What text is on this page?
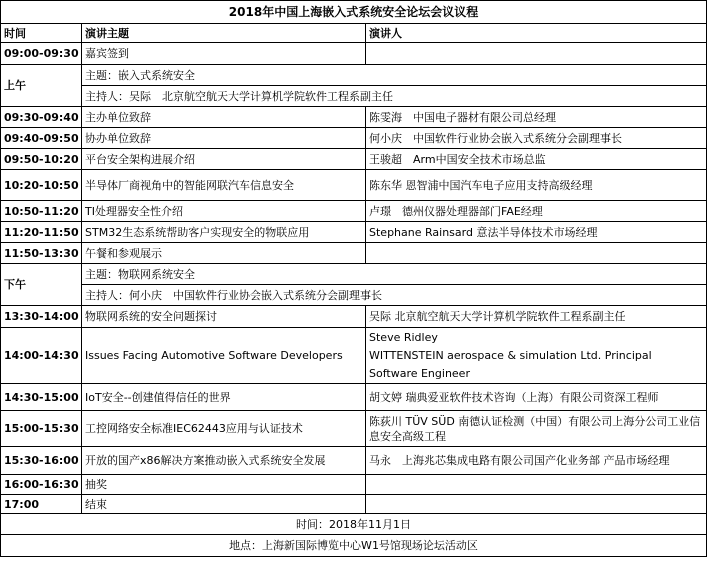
2018年中国上海嵌入式系统安全论坛会议议程		
时间	演讲主题	演讲人
09:00-09:30	嘉宾签到	
上午	主题：嵌入式系统安全	
	主持人：吴际　北京航空航天大学计算机学院软件工程系副主任	
09:30-09:40	主办单位致辞	陈雯海　中国电子器材有限公司总经理
09:40-09:50	协办单位致辞	何小庆　中国软件行业协会嵌入式系统分会副理事长
09:50-10:20	平台安全架构进展介绍	王骏超　Arm中国安全技术市场总监
10:20-10:50	半导体厂商视角中的智能网联汽车信息安全	陈东华 恩智浦中国汽车电子应用支持高级经理
10:50-11:20	TI处理器安全性介绍	卢璟　德州仪器处理器部门FAE经理
11:20-11:50	STM32生态系统帮助客户实现安全的物联应用	Stephane Rainsard 意法半导体技术市场经理
11:50-13:30	午餐和参观展示	
下午	主题：物联网系统安全	
	主持人：何小庆　中国软件行业协会嵌入式系统分会副理事长	
13:30-14:00	物联网系统的安全问题探讨	吴际 北京航空航天大学计算机学院软件工程系副主任
14:00-14:30	Issues Facing Automotive Software Developers	Steve Ridley
WITTENSTEIN aerospace & simulation Ltd. Principal Software Engineer

14:30-15:00	IoT安全--创建值得信任的世界	胡文婷 瑞典爱亚软件技术咨询（上海）有限公司资深工程师
15:00-15:30	工控网络安全标准IEC62443应用与认证技术	陈荻川 TÜV SÜD 南德认证检测（中国）有限公司上海分公司工业信息安全高级工程
15:30-16:00	开放的国产x86解决方案推动嵌入式系统安全发展	马永　上海兆芯集成电路有限公司国产化业务部 产品市场经理
16:00-16:30	抽奖	
17:00	结束	
时间：2018年11月1日		
地点：上海新国际博览中心W1号馆现场论坛活动区		
